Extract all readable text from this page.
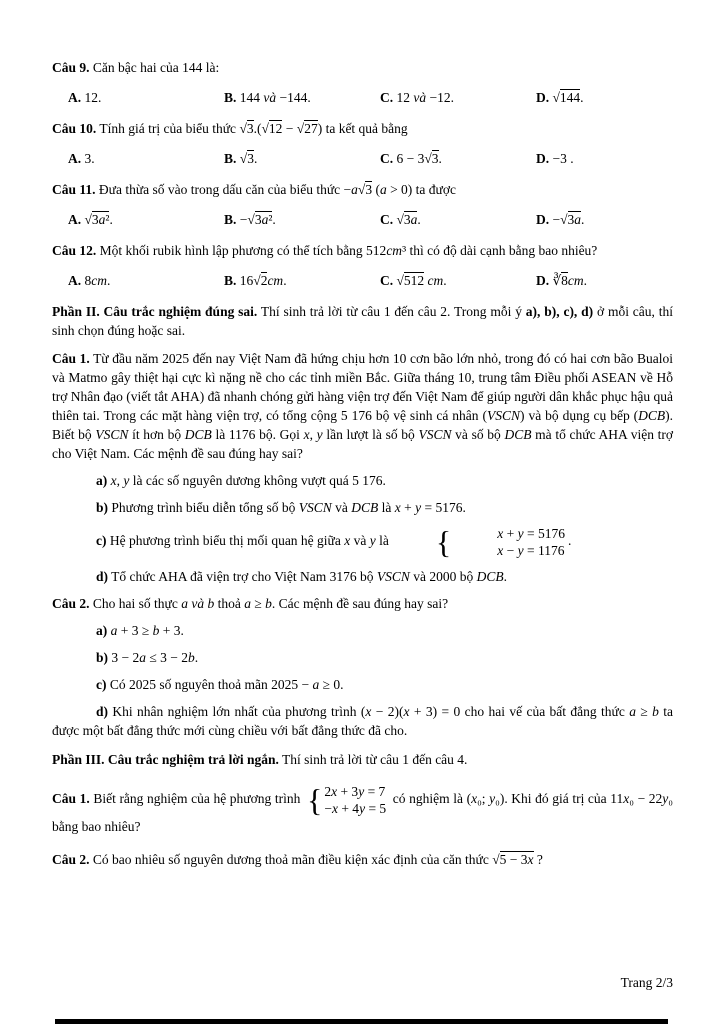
Câu 9. Căn bậc hai của 144 là:

A. 12.	B. 144 và −144.	C. 12 và −12.	D. √144.

Câu 10. Tính giá trị của biểu thức √3.(√12 − √27) ta kết quả bằng

A. 3.	B. √3.	C. 6 − 3√3.	D. −3 .

Câu 11. Đưa thừa số vào trong dấu căn của biểu thức −a√3 (a > 0) ta được

A. √3a².	B. −√3a².	C. √3a.	D. −√3a.

Câu 12. Một khối rubik hình lập phương có thể tích bằng 512cm³ thì có độ dài cạnh bằng bao nhiêu?

A. 8cm.	B. 16√2cm.	C. √512 cm.	D. ∛8cm.

Phần II. Câu trắc nghiệm đúng sai. Thí sinh trả lời từ câu 1 đến câu 2. Trong mỗi ý a), b), c), d) ở mỗi câu, thí sinh chọn đúng hoặc sai.

Câu 1. Từ đầu năm 2025 đến nay Việt Nam đã hứng chịu hơn 10 cơn bão lớn nhỏ, trong đó có hai cơn bão Bualoi và Matmo gây thiệt hại cực kì nặng nề cho các tỉnh miền Bắc. Giữa tháng 10, trung tâm Điều phối ASEAN về Hỗ trợ Nhân đạo (viết tắt AHA) đã nhanh chóng gửi hàng viện trợ đến Việt Nam để giúp người dân khắc phục hậu quả thiên tai. Trong các mặt hàng viện trợ, có tổng cộng 5 176 bộ vệ sinh cá nhân (VSCN) và bộ dụng cụ bếp (DCB). Biết bộ VSCN ít hơn bộ DCB là 1176 bộ. Gọi x, y lần lượt là số bộ VSCN và số bộ DCB mà tổ chức AHA viện trợ cho Việt Nam. Các mệnh đề sau đúng hay sai?

a) x, y là các số nguyên dương không vượt quá 5 176.

b) Phương trình biểu diễn tổng số bộ VSCN và DCB là x + y = 5176.

c) Hệ phương trình biểu thị mối quan hệ giữa x và y là	{	x + y = 5176
x − y = 1176
.

d) Tổ chức AHA đã viện trợ cho Việt Nam 3176 bộ VSCN và 2000 bộ DCB.

Câu 2. Cho hai số thực a và b thoả a ≥ b. Các mệnh đề sau đúng hay sai?

a) a + 3 ≥ b + 3.

b) 3 − 2a ≤ 3 − 2b.

c) Có 2025 số nguyên thoả mãn 2025 − a ≥ 0.

d) Khi nhân nghiệm lớn nhất của phương trình (x − 2)(x + 3) = 0 cho hai vế của bất đẳng thức a ≥ b ta được một bất đẳng thức mới cùng chiều với bất đẳng thức đã cho.

Phần III. Câu trắc nghiệm trả lời ngắn. Thí sinh trả lời từ câu 1 đến câu 4.

Câu 1. Biết rằng nghiệm của hệ phương trình { 2x + 3y = 7
−x + 4y = 5
có nghiệm là (x₀; y₀). Khi đó giá trị của 11x₀ − 22y₀ bằng bao nhiêu?

Câu 2. Có bao nhiêu số nguyên dương thoả mãn điều kiện xác định của căn thức √5 − 3x ?

Trang 2/3
